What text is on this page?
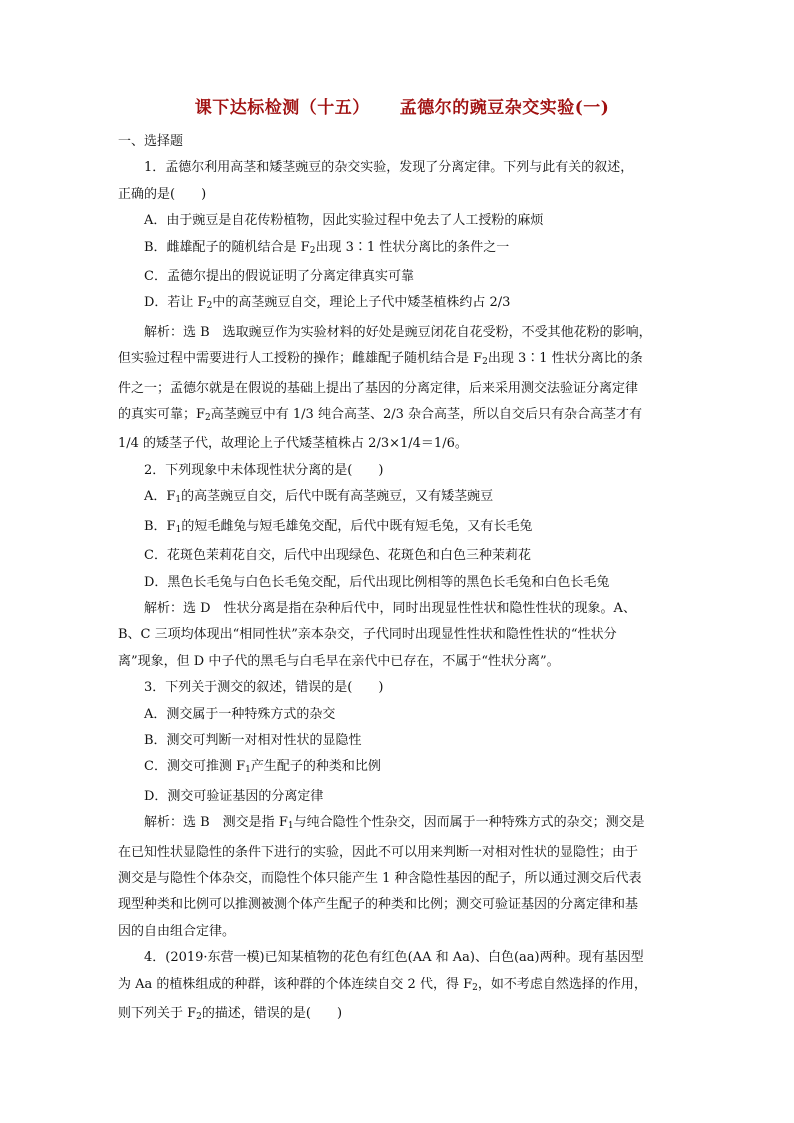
课下达标检测（十五） 孟德尔的豌豆杂交实验(一)

一、选择题

1．孟德尔利用高茎和矮茎豌豆的杂交实验，发现了分离定律。下列与此有关的叙述，

正确的是(　　)

A．由于豌豆是自花传粉植物，因此实验过程中免去了人工授粉的麻烦

B．雌雄配子的随机结合是 $F_2$出现 3∶1 性状分离比的条件之一

C．孟德尔提出的假说证明了分离定律真实可靠

D．若让 $F_2$中的高茎豌豆自交，理论上子代中矮茎植株约占 2/3

解析：选 B　选取豌豆作为实验材料的好处是豌豆闭花自花受粉，不受其他花粉的影响，

但实验过程中需要进行人工授粉的操作；雌雄配子随机结合是 $F_2$出现 3∶1 性状分离比的条

件之一；孟德尔就是在假说的基础上提出了基因的分离定律，后来采用测交法验证分离定律

的真实可靠；$F_2$高茎豌豆中有 1/3 纯合高茎、2/3 杂合高茎，所以自交后只有杂合高茎才有

1/4 的矮茎子代，故理论上子代矮茎植株占 2/3×1/4＝1/6。

2．下列现象中未体现性状分离的是(　　)

A．$F_1$的高茎豌豆自交，后代中既有高茎豌豆，又有矮茎豌豆

B．$F_1$的短毛雌兔与短毛雄兔交配，后代中既有短毛兔，又有长毛兔

C．花斑色茉莉花自交，后代中出现绿色、花斑色和白色三种茉莉花

D．黑色长毛兔与白色长毛兔交配，后代出现比例相等的黑色长毛兔和白色长毛兔

解析：选 D　性状分离是指在杂种后代中，同时出现显性性状和隐性性状的现象。A、

B、C 三项均体现出“相同性状”亲本杂交，子代同时出现显性性状和隐性性状的“性状分

离”现象，但 D 中子代的黑毛与白毛早在亲代中已存在，不属于“性状分离”。

3．下列关于测交的叙述，错误的是(　　)

A．测交属于一种特殊方式的杂交

B．测交可判断一对相对性状的显隐性

C．测交可推测 $F_1$产生配子的种类和比例

D．测交可验证基因的分离定律

解析：选 B　测交是指 $F_1$与纯合隐性个性杂交，因而属于一种特殊方式的杂交；测交是

在已知性状显隐性的条件下进行的实验，因此不可以用来判断一对相对性状的显隐性；由于

测交是与隐性个体杂交，而隐性个体只能产生 1 种含隐性基因的配子，所以通过测交后代表

现型种类和比例可以推测被测个体产生配子的种类和比例；测交可验证基因的分离定律和基

因的自由组合定律。

4．(2019·东营一模)已知某植物的花色有红色(AA 和 Aa)、白色(aa)两种。现有基因型

为 Aa 的植株组成的种群，该种群的个体连续自交 2 代，得 $F_2$，如不考虑自然选择的作用，

则下列关于 $F_2$的描述，错误的是(　　)
